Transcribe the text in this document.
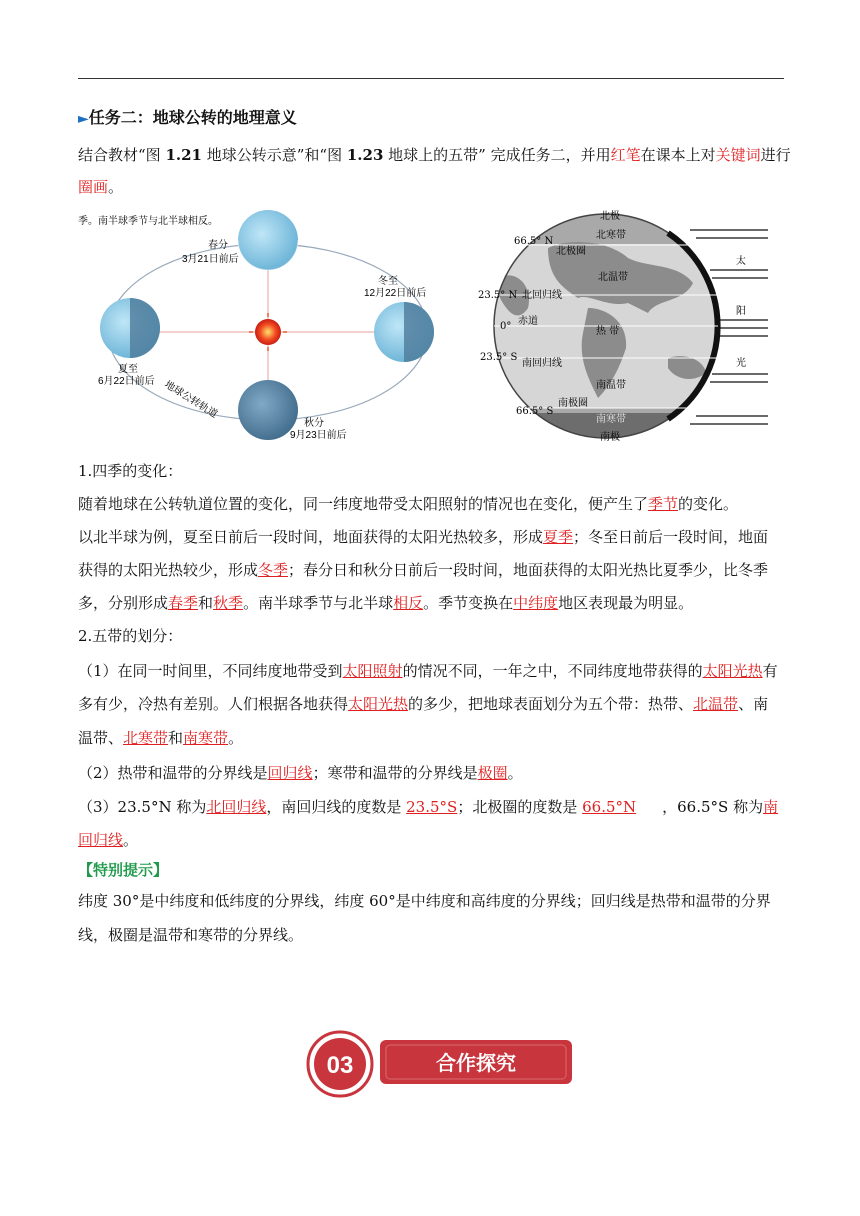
►任务二：地球公转的地理意义
结合教材“图 1.21 地球公转示意”和“图 1.23 地球上的五带” 完成任务二，并用红笔在课本上对关键词进行
圈画。
季。南半球季节与北半球相反。
春分
3月21日前后
夏至
6月22日前后
冬至
12月22日前后
秋分
9月23日前后
地球公转轨道
北极
66.5° N
23.5° N
0°
23.5° S
66.5° S
南极
北极圈
北寒带
北回归线
北温带
赤道
热 带
南回归线
南温带
南极圈
南寒带
太
阳
光
1.四季的变化：
随着地球在公转轨道位置的变化，同一纬度地带受太阳照射的情况也在变化，便产生了季节的变化。
以北半球为例，夏至日前后一段时间，地面获得的太阳光热较多，形成夏季；冬至日前后一段时间，地面
获得的太阳光热较少，形成冬季；春分日和秋分日前后一段时间，地面获得的太阳光热比夏季少，比冬季
多，分别形成春季和秋季。南半球季节与北半球相反。季节变换在中纬度地区表现最为明显。
2.五带的划分：
（1）在同一时间里，不同纬度地带受到太阳照射的情况不同，一年之中，不同纬度地带获得的太阳光热有
多有少，冷热有差别。人们根据各地获得太阳光热的多少，把地球表面划分为五个带：热带、北温带、南
温带、北寒带和南寒带。
（2）热带和温带的分界线是回归线；寒带和温带的分界线是极圈。
（3）23.5°N 称为北回归线，南回归线的度数是 23.5°S；北极圈的度数是 66.5°N ，66.5°S 称为南
回归线。
【特别提示】
纬度 30°是中纬度和低纬度的分界线，纬度 60°是中纬度和高纬度的分界线；回归线是热带和温带的分界
线，极圈是温带和寒带的分界线。
03	合作探究
